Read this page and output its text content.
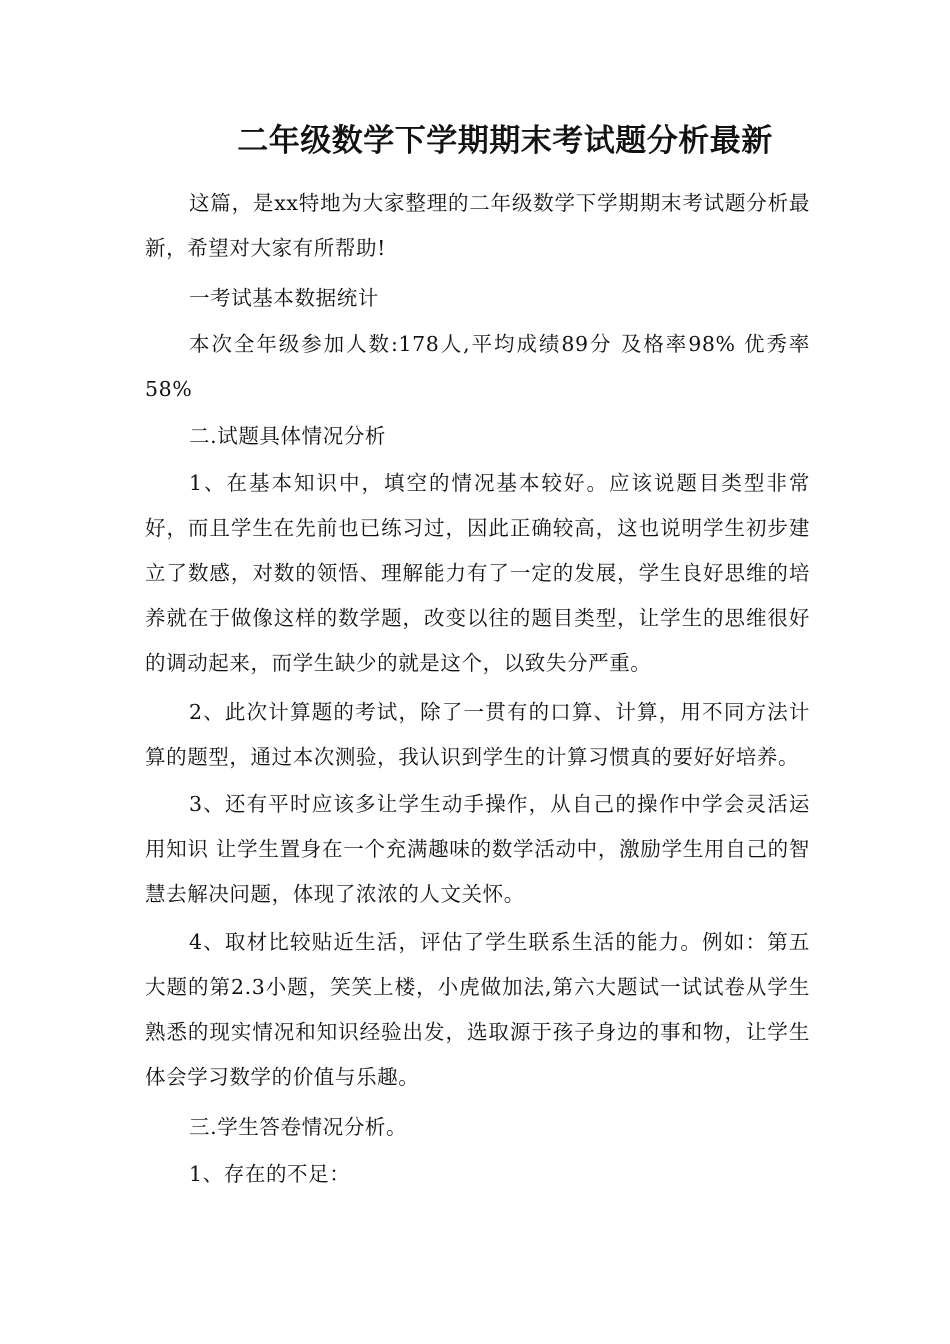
二年级数学下学期期末考试题分析最新

这篇，是xx特地为大家整理的二年级数学下学期期末考试题分析最新，希望对大家有所帮助!

一考试基本数据统计

本次全年级参加人数:178人,平均成绩89分 及格率98% 优秀率58%

二.试题具体情况分析

1、在基本知识中，填空的情况基本较好。应该说题目类型非常好，而且学生在先前也已练习过，因此正确较高，这也说明学生初步建立了数感，对数的领悟、理解能力有了一定的发展，学生良好思维的培养就在于做像这样的数学题，改变以往的题目类型，让学生的思维很好的调动起来，而学生缺少的就是这个，以致失分严重。

2、此次计算题的考试，除了一贯有的口算、计算，用不同方法计算的题型，通过本次测验，我认识到学生的计算习惯真的要好好培养。

3、还有平时应该多让学生动手操作，从自己的操作中学会灵活运用知识 让学生置身在一个充满趣味的数学活动中，激励学生用自己的智慧去解决问题，体现了浓浓的人文关怀。

4、取材比较贴近生活，评估了学生联系生活的能力。例如：第五大题的第2.3小题，笑笑上楼，小虎做加法,第六大题试一试试卷从学生熟悉的现实情况和知识经验出发，选取源于孩子身边的事和物，让学生体会学习数学的价值与乐趣。

三.学生答卷情况分析。

1、存在的不足：
